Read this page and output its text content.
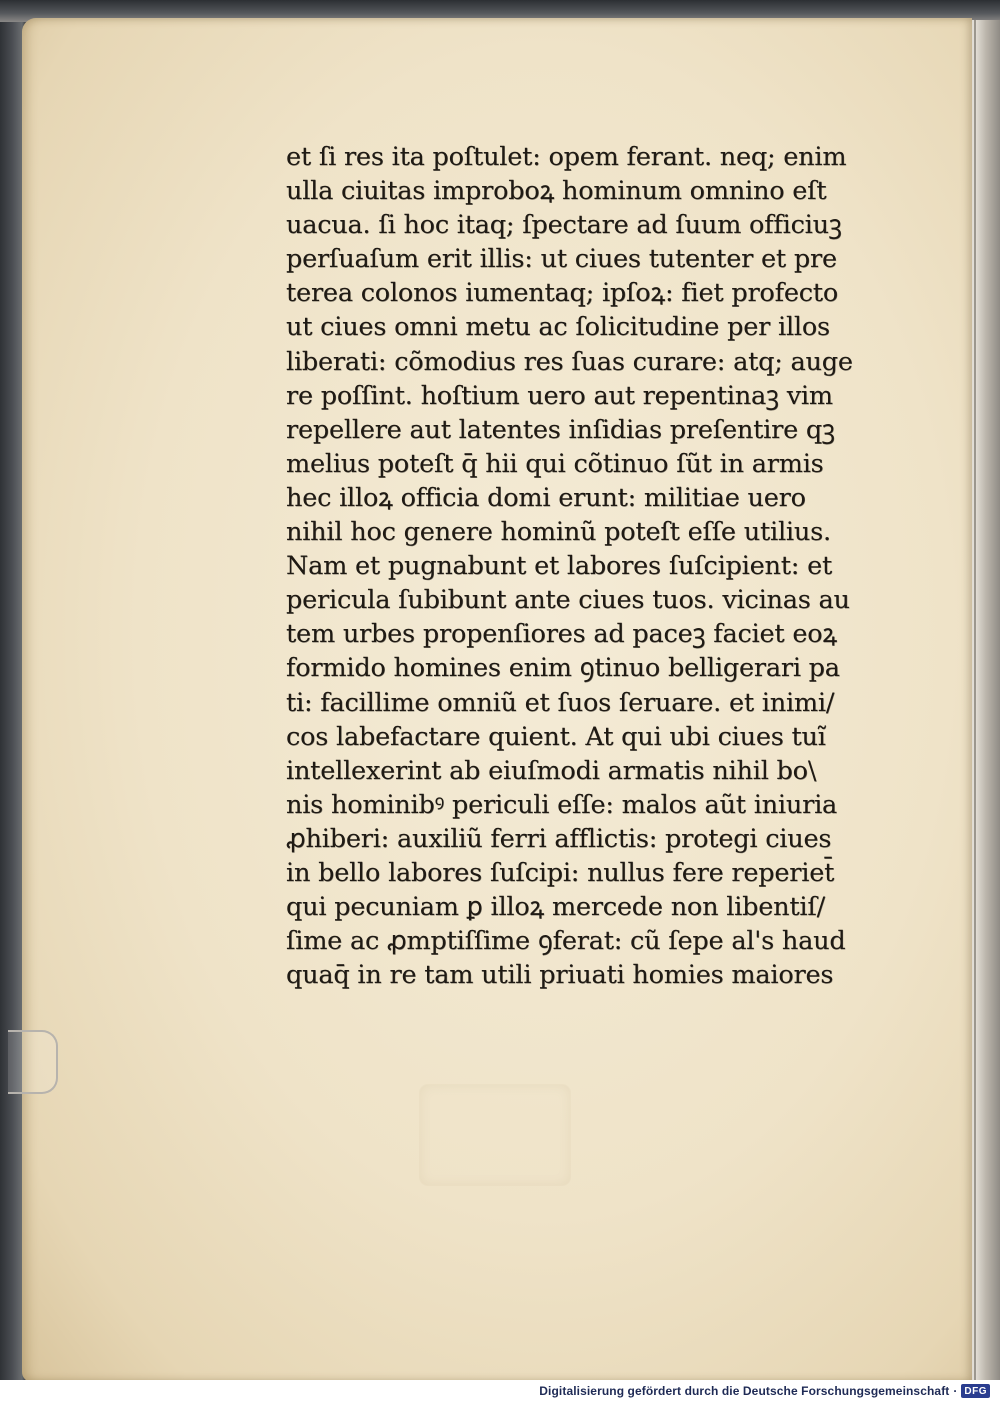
et ſi res ita poſtulet: opem ferant. neq; enim
ulla ciuitas improboꝝ hominum omnino eſt
uacua. ſi hoc itaq; ſpectare ad ſuum officiuꝫ
perſuaſum erit illis: ut ciues tutenter et pre
terea colonos iumentaq; ipſoꝝ: fiet profecto
ut ciues omni metu ac ſolicitudine per illos
liberati: cõmodius res ſuas curare: atq; auge
re poſſint. hoſtium uero aut repentinaꝫ vim
repellere aut latentes inſidias preſentire qꝫ
melius poteſt q̄ hii qui cõtinuo ſũt in armis
hec illoꝝ officia domi erunt: militiae uero
nihil hoc genere hominũ poteſt eſſe utilius.
Nam et pugnabunt et labores ſuſcipient: et
pericula ſubibunt ante ciues tuos. vicinas au
tem urbes propenſiores ad paceꝫ faciet eoꝝ
formido homines enim ꝯtinuo belligerari pa
ti: facillime omniũ et ſuos ſeruare. et inimi/
cos labefactare quient. At qui ubi ciues tuĩ
intellexerint ab eiuſmodi armatis nihil bo\
nis hominibꝰ periculi eſſe: malos aũt iniuria
ꝓhiberi: auxiliũ ferri afflictis: protegi ciues
in bello labores ſuſcipi: nullus fere reperiet̄
qui pecuniam ꝑ illoꝝ mercede non libentiſ/
ſime ac ꝓmptiſſime ꝯferat: cũ ſepe al's haud
quaq̄ in re tam utili priuati homies maiores
Digitalisierung gefördert durch die Deutsche Forschungsgemeinschaft · DFG
